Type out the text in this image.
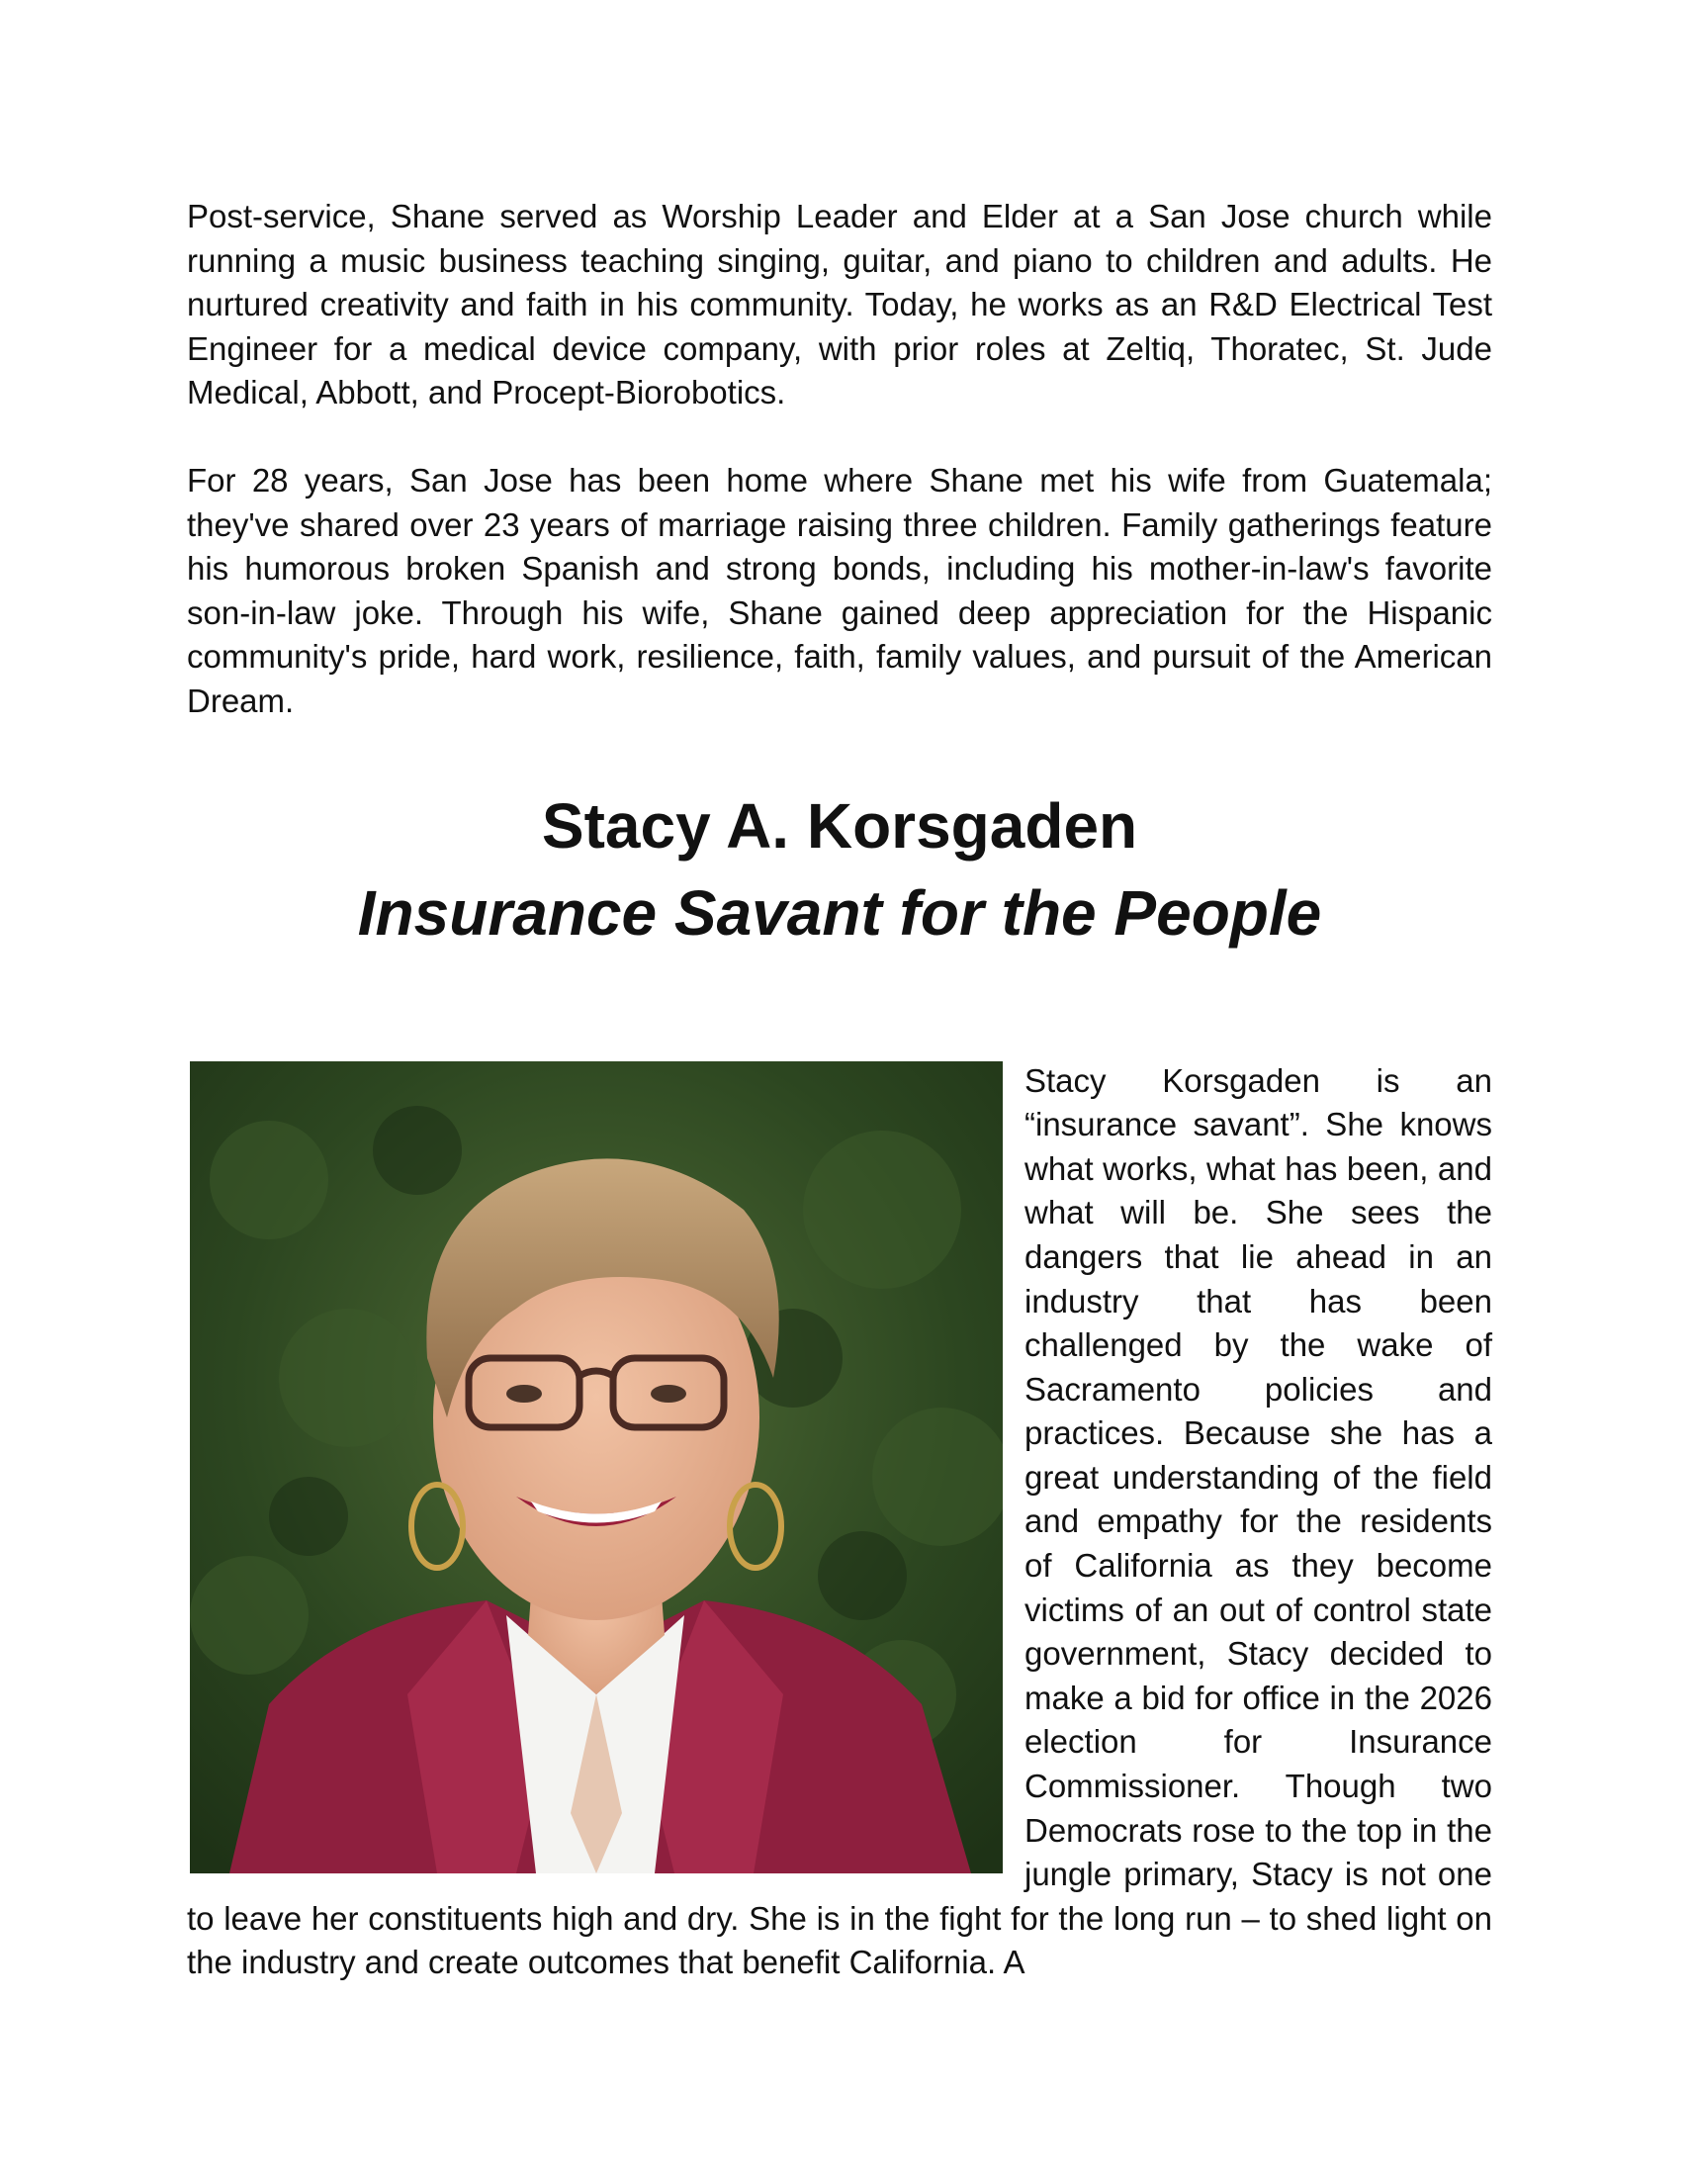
Post-service, Shane served as Worship Leader and Elder at a San Jose church while running a music business teaching singing, guitar, and piano to children and adults. He nurtured creativity and faith in his community. Today, he works as an R&D Electrical Test Engineer for a medical device company, with prior roles at Zeltiq, Thoratec, St. Jude Medical, Abbott, and Procept-Biorobotics.

For 28 years, San Jose has been home where Shane met his wife from Guatemala; they've shared over 23 years of marriage raising three children. Family gatherings feature his humorous broken Spanish and strong bonds, including his mother-in-law's favorite son-in-law joke. Through his wife, Shane gained deep appreciation for the Hispanic community's pride, hard work, resilience, faith, family values, and pursuit of the American Dream.

Stacy A. Korsgaden

Insurance Savant for the People

Stacy Korsgaden is an “insurance savant”. She knows what works, what has been, and what will be. She sees the dangers that lie ahead in an industry that has been challenged by the wake of Sacramento policies and practices. Because she has a great understanding of the field and empathy for the residents of California as they become victims of an out of control state government, Stacy decided to make a bid for office in the 2026 election for Insurance Commissioner. Though two Democrats rose to the top in the jungle primary, Stacy is not one to leave her constituents high and dry. She is in the fight for the long run – to shed light on the industry and create outcomes that benefit California. A
